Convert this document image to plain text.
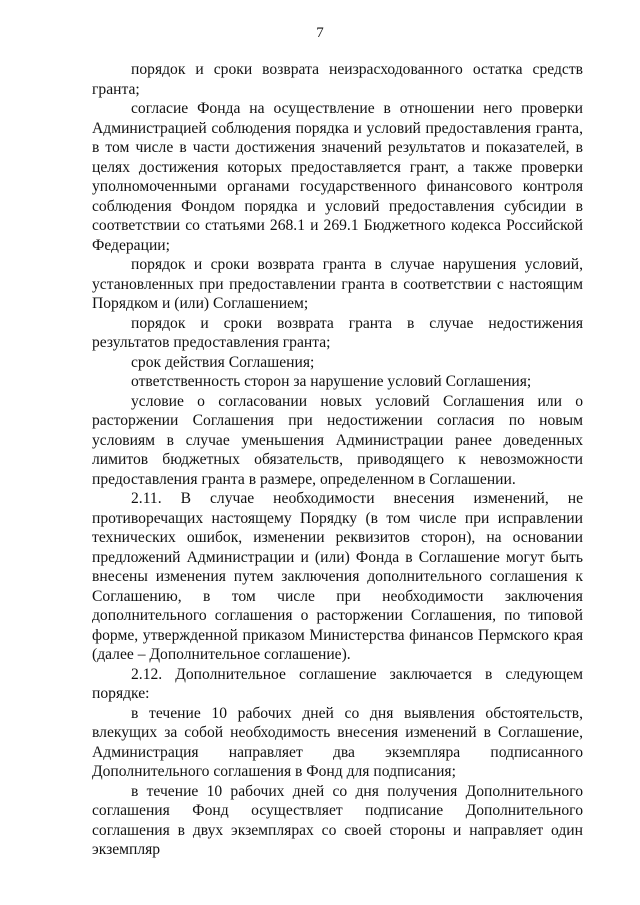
7

порядок и сроки возврата неизрасходованного остатка средств гранта;

согласие Фонда на осуществление в отношении него проверки Администрацией соблюдения порядка и условий предоставления гранта, в том числе в части достижения значений результатов и показателей, в целях достижения которых предоставляется грант, а также проверки уполномоченными органами государственного финансового контроля соблюдения Фондом порядка и условий предоставления субсидии в соответствии со статьями 268.1 и 269.1 Бюджетного кодекса Российской Федерации;

порядок и сроки возврата гранта в случае нарушения условий, установленных при предоставлении гранта в соответствии с настоящим Порядком и (или) Соглашением;

порядок и сроки возврата гранта в случае недостижения результатов предоставления гранта;

срок действия Соглашения;

ответственность сторон за нарушение условий Соглашения;

условие о согласовании новых условий Соглашения или о расторжении Соглашения при недостижении согласия по новым условиям в случае уменьшения Администрации ранее доведенных лимитов бюджетных обязательств, приводящего к невозможности предоставления гранта в размере, определенном в Соглашении.

2.11. В случае необходимости внесения изменений, не противоречащих настоящему Порядку (в том числе при исправлении технических ошибок, изменении реквизитов сторон), на основании предложений Администрации и (или) Фонда в Соглашение могут быть внесены изменения путем заключения дополнительного соглашения к Соглашению, в том числе при необходимости заключения дополнительного соглашения о расторжении Соглашения, по типовой форме, утвержденной приказом Министерства финансов Пермского края (далее – Дополнительное соглашение).

2.12. Дополнительное соглашение заключается в следующем порядке:

в течение 10 рабочих дней со дня выявления обстоятельств, влекущих за собой необходимость внесения изменений в Соглашение, Администрация направляет два экземпляра подписанного Дополнительного соглашения в Фонд для подписания;

в течение 10 рабочих дней со дня получения Дополнительного соглашения Фонд осуществляет подписание Дополнительного соглашения в двух экземплярах со своей стороны и направляет один экземпляр
